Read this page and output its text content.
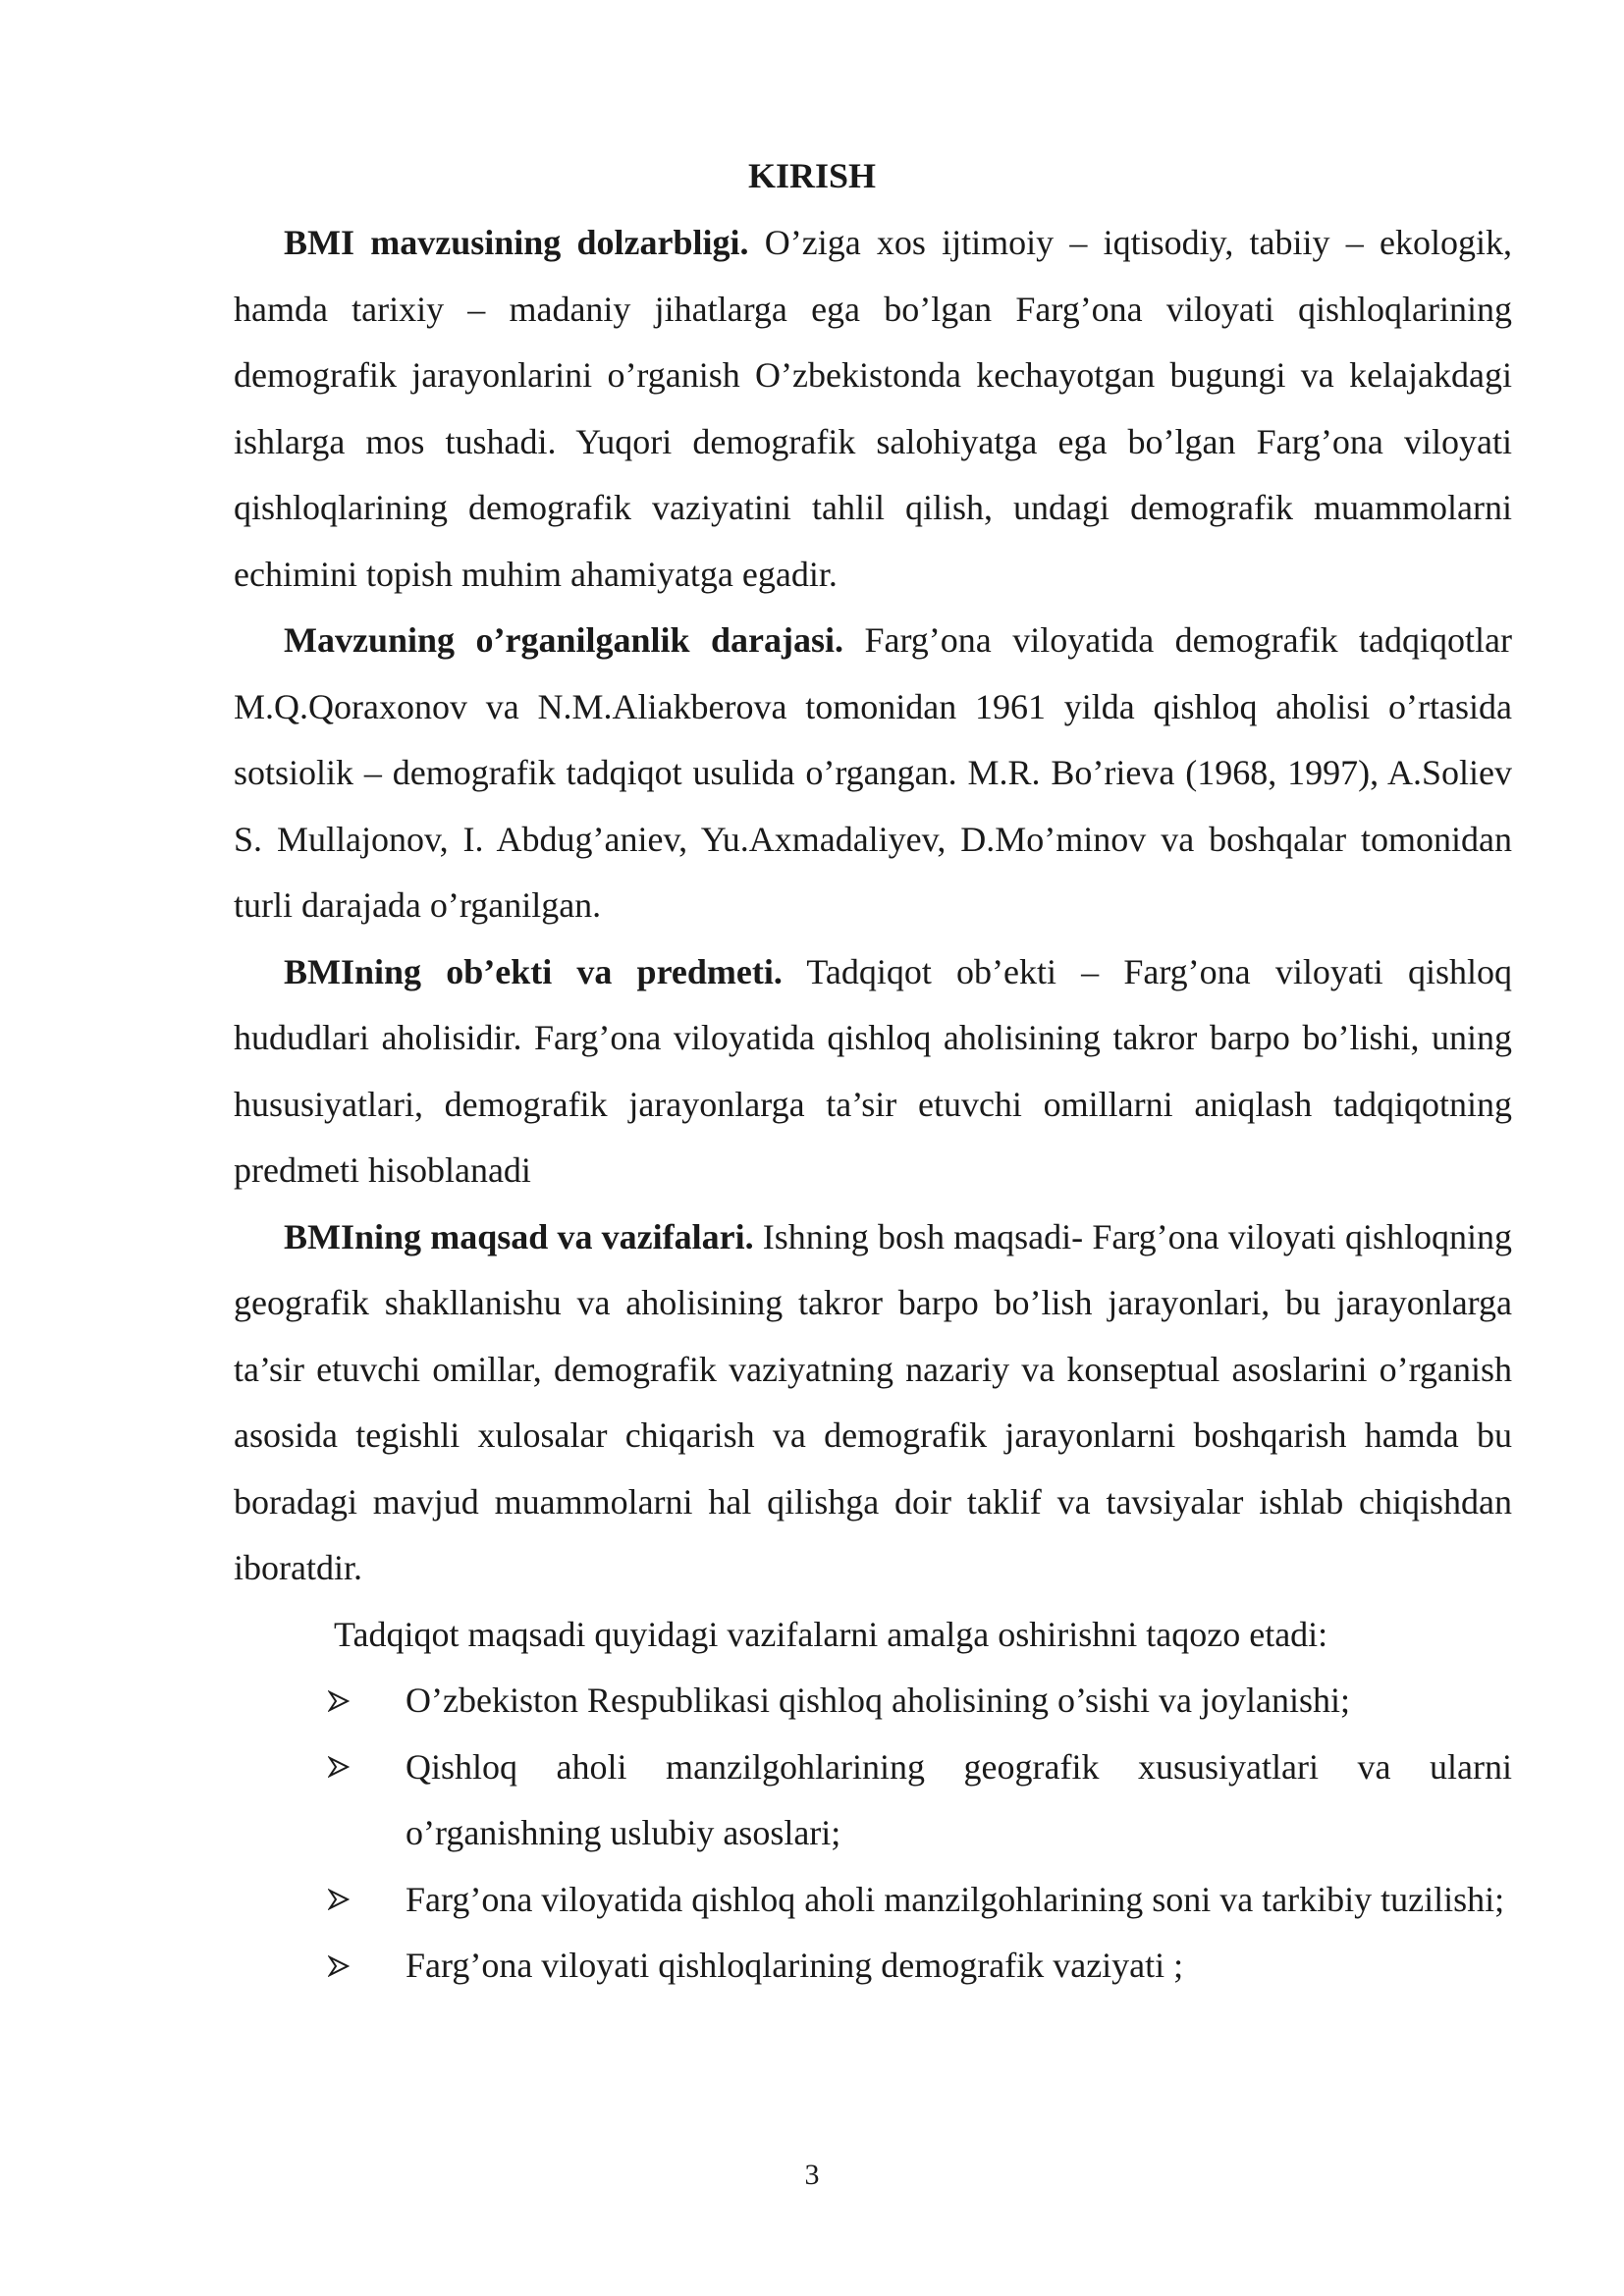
KIRISH

BMI mavzusining dolzarbligi. O’ziga xos ijtimoiy – iqtisodiy, tabiiy – ekologik, hamda tarixiy – madaniy jihatlarga ega bo’lgan Farg’ona viloyati qishloqlarining demografik jarayonlarini o’rganish O’zbekistonda kechayotgan bugungi va kelajakdagi ishlarga mos tushadi. Yuqori demografik salohiyatga ega bo’lgan Farg’ona viloyati qishloqlarining demografik vaziyatini tahlil qilish, undagi demografik muammolarni echimini topish muhim ahamiyatga egadir.

Mavzuning o’rganilganlik darajasi. Farg’ona viloyatida demografik tadqiqotlar M.Q.Qoraxonov va N.M.Aliakberova tomonidan 1961 yilda qishloq aholisi o’rtasida sotsiolik – demografik tadqiqot usulida o’rgangan. M.R. Bo’rieva (1968, 1997), A.Soliev S. Mullajonov, I. Abdug’aniev, Yu.Axmadaliyev, D.Mo’minov va boshqalar tomonidan turli darajada o’rganilgan.

BMIning ob’ekti va predmeti. Tadqiqot ob’ekti – Farg’ona viloyati qishloq hududlari aholisidir. Farg’ona viloyatida qishloq aholisining takror barpo bo’lishi, uning hususiyatlari, demografik jarayonlarga ta’sir etuvchi omillarni aniqlash tadqiqotning predmeti hisoblanadi

BMIning maqsad va vazifalari. Ishning bosh maqsadi- Farg’ona viloyati qishloqning geografik shakllanishu va aholisining takror barpo bo’lish jarayonlari, bu jarayonlarga ta’sir etuvchi omillar, demografik vaziyatning nazariy va konseptual asoslarini o’rganish asosida tegishli xulosalar chiqarish va demografik jarayonlarni boshqarish hamda bu boradagi mavjud muammolarni hal qilishga doir taklif va tavsiyalar ishlab chiqishdan iboratdir.

Tadqiqot maqsadi quyidagi vazifalarni amalga oshirishni taqozo etadi:
O’zbekiston Respublikasi qishloq aholisining o’sishi va joylanishi;
Qishloq aholi manzilgohlarining geografik xususiyatlari va ularni o’rganishning uslubiy asoslari;
Farg’ona viloyatida qishloq aholi manzilgohlarining soni va tarkibiy tuzilishi;
Farg’ona viloyati qishloqlarining demografik vaziyati ;
3
